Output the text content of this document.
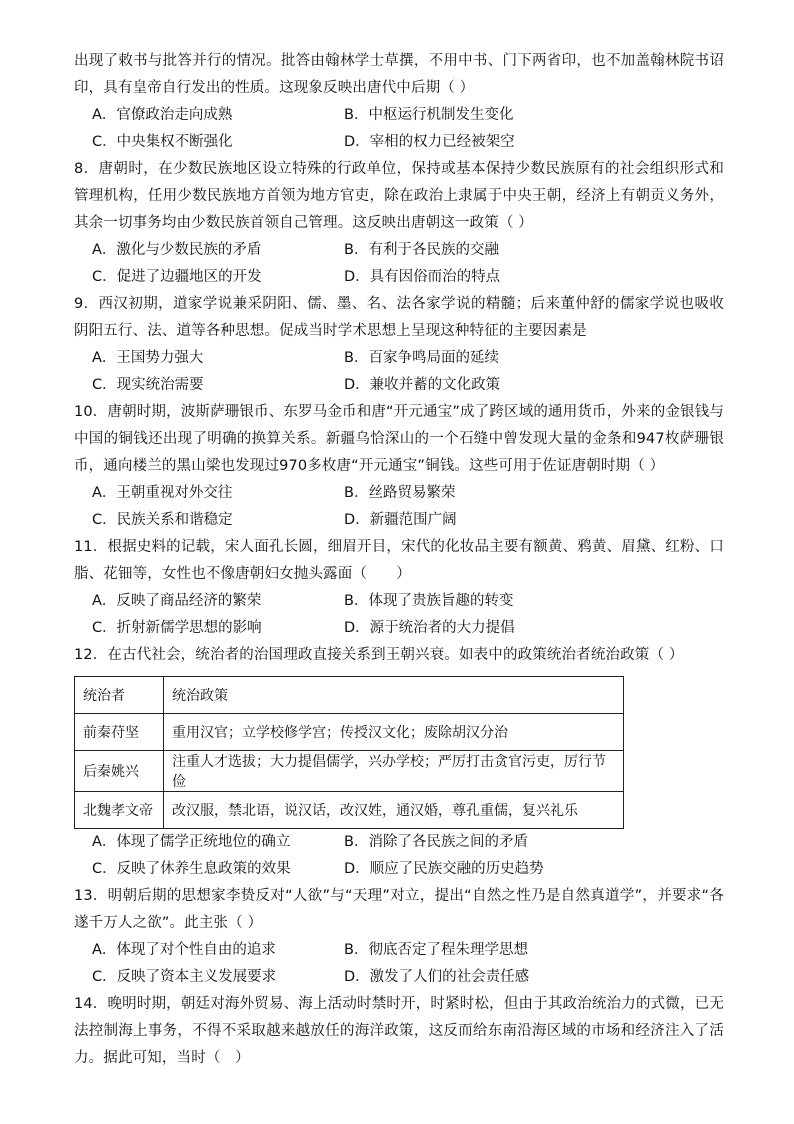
出现了敕书与批答并行的情况。批答由翰林学士草撰，不用中书、门下两省印，也不加盖翰林院书诏印，具有皇帝自行发出的性质。这现象反映出唐代中后期（ ）

A．官僚政治走向成熟	B．中枢运行机制发生变化
C．中央集权不断强化	D．宰相的权力已经被架空

8．唐朝时，在少数民族地区设立特殊的行政单位，保持或基本保持少数民族原有的社会组织形式和管理机构，任用少数民族地方首领为地方官吏，除在政治上隶属于中央王朝，经济上有朝贡义务外，其余一切事务均由少数民族首领自己管理。这反映出唐朝这一政策（ ）

A．激化与少数民族的矛盾	B．有利于各民族的交融
C．促进了边疆地区的开发	D．具有因俗而治的特点

9．西汉初期，道家学说兼采阴阳、儒、墨、名、法各家学说的精髓；后来董仲舒的儒家学说也吸收阴阳五行、法、道等各种思想。促成当时学术思想上呈现这种特征的主要因素是

A．王国势力强大	B．百家争鸣局面的延续
C．现实统治需要	D．兼收并蓄的文化政策

10．唐朝时期，波斯萨珊银币、东罗马金币和唐“开元通宝”成了跨区域的通用货币，外来的金银钱与中国的铜钱还出现了明确的换算关系。新疆乌恰深山的一个石缝中曾发现大量的金条和947枚萨珊银币，通向楼兰的黑山梁也发现过970多枚唐“开元通宝”铜钱。这些可用于佐证唐朝时期（ ）

A．王朝重视对外交往	B．丝路贸易繁荣
C．民族关系和谐稳定	D．新疆范围广阔

11．根据史料的记载，宋人面孔长圆，细眉开目，宋代的化妆品主要有额黄、鸦黄、眉黛、红粉、口脂、花钿等，女性也不像唐朝妇女抛头露面（　　）

A．反映了商品经济的繁荣	B．体现了贵族旨趣的转变
C．折射新儒学思想的影响	D．源于统治者的大力提倡

12．在古代社会，统治者的治国理政直接关系到王朝兴衰。如表中的政策统治者统治政策（ ）

统治者	统治政策
前秦苻坚	重用汉官；立学校修学宫；传授汉文化；废除胡汉分治
后秦姚兴	注重人才选拔；大力提倡儒学，兴办学校；严厉打击贪官污吏，厉行节俭
北魏孝文帝	改汉服，禁北语，说汉话，改汉姓，通汉婚，尊孔重儒，复兴礼乐
A．体现了儒学正统地位的确立	B．消除了各民族之间的矛盾
C．反映了休养生息政策的效果	D．顺应了民族交融的历史趋势

13．明朝后期的思想家李贽反对“人欲”与“天理”对立，提出“自然之性乃是自然真道学”，并要求“各遂千万人之欲”。此主张（ ）

A．体现了对个性自由的追求	B．彻底否定了程朱理学思想
C．反映了资本主义发展要求	D．激发了人们的社会责任感

14．晚明时期，朝廷对海外贸易、海上活动时禁时开，时紧时松，但由于其政治统治力的式微，已无法控制海上事务，不得不采取越来越放任的海洋政策，这反而给东南沿海区域的市场和经济注入了活力。据此可知，当时（　）
